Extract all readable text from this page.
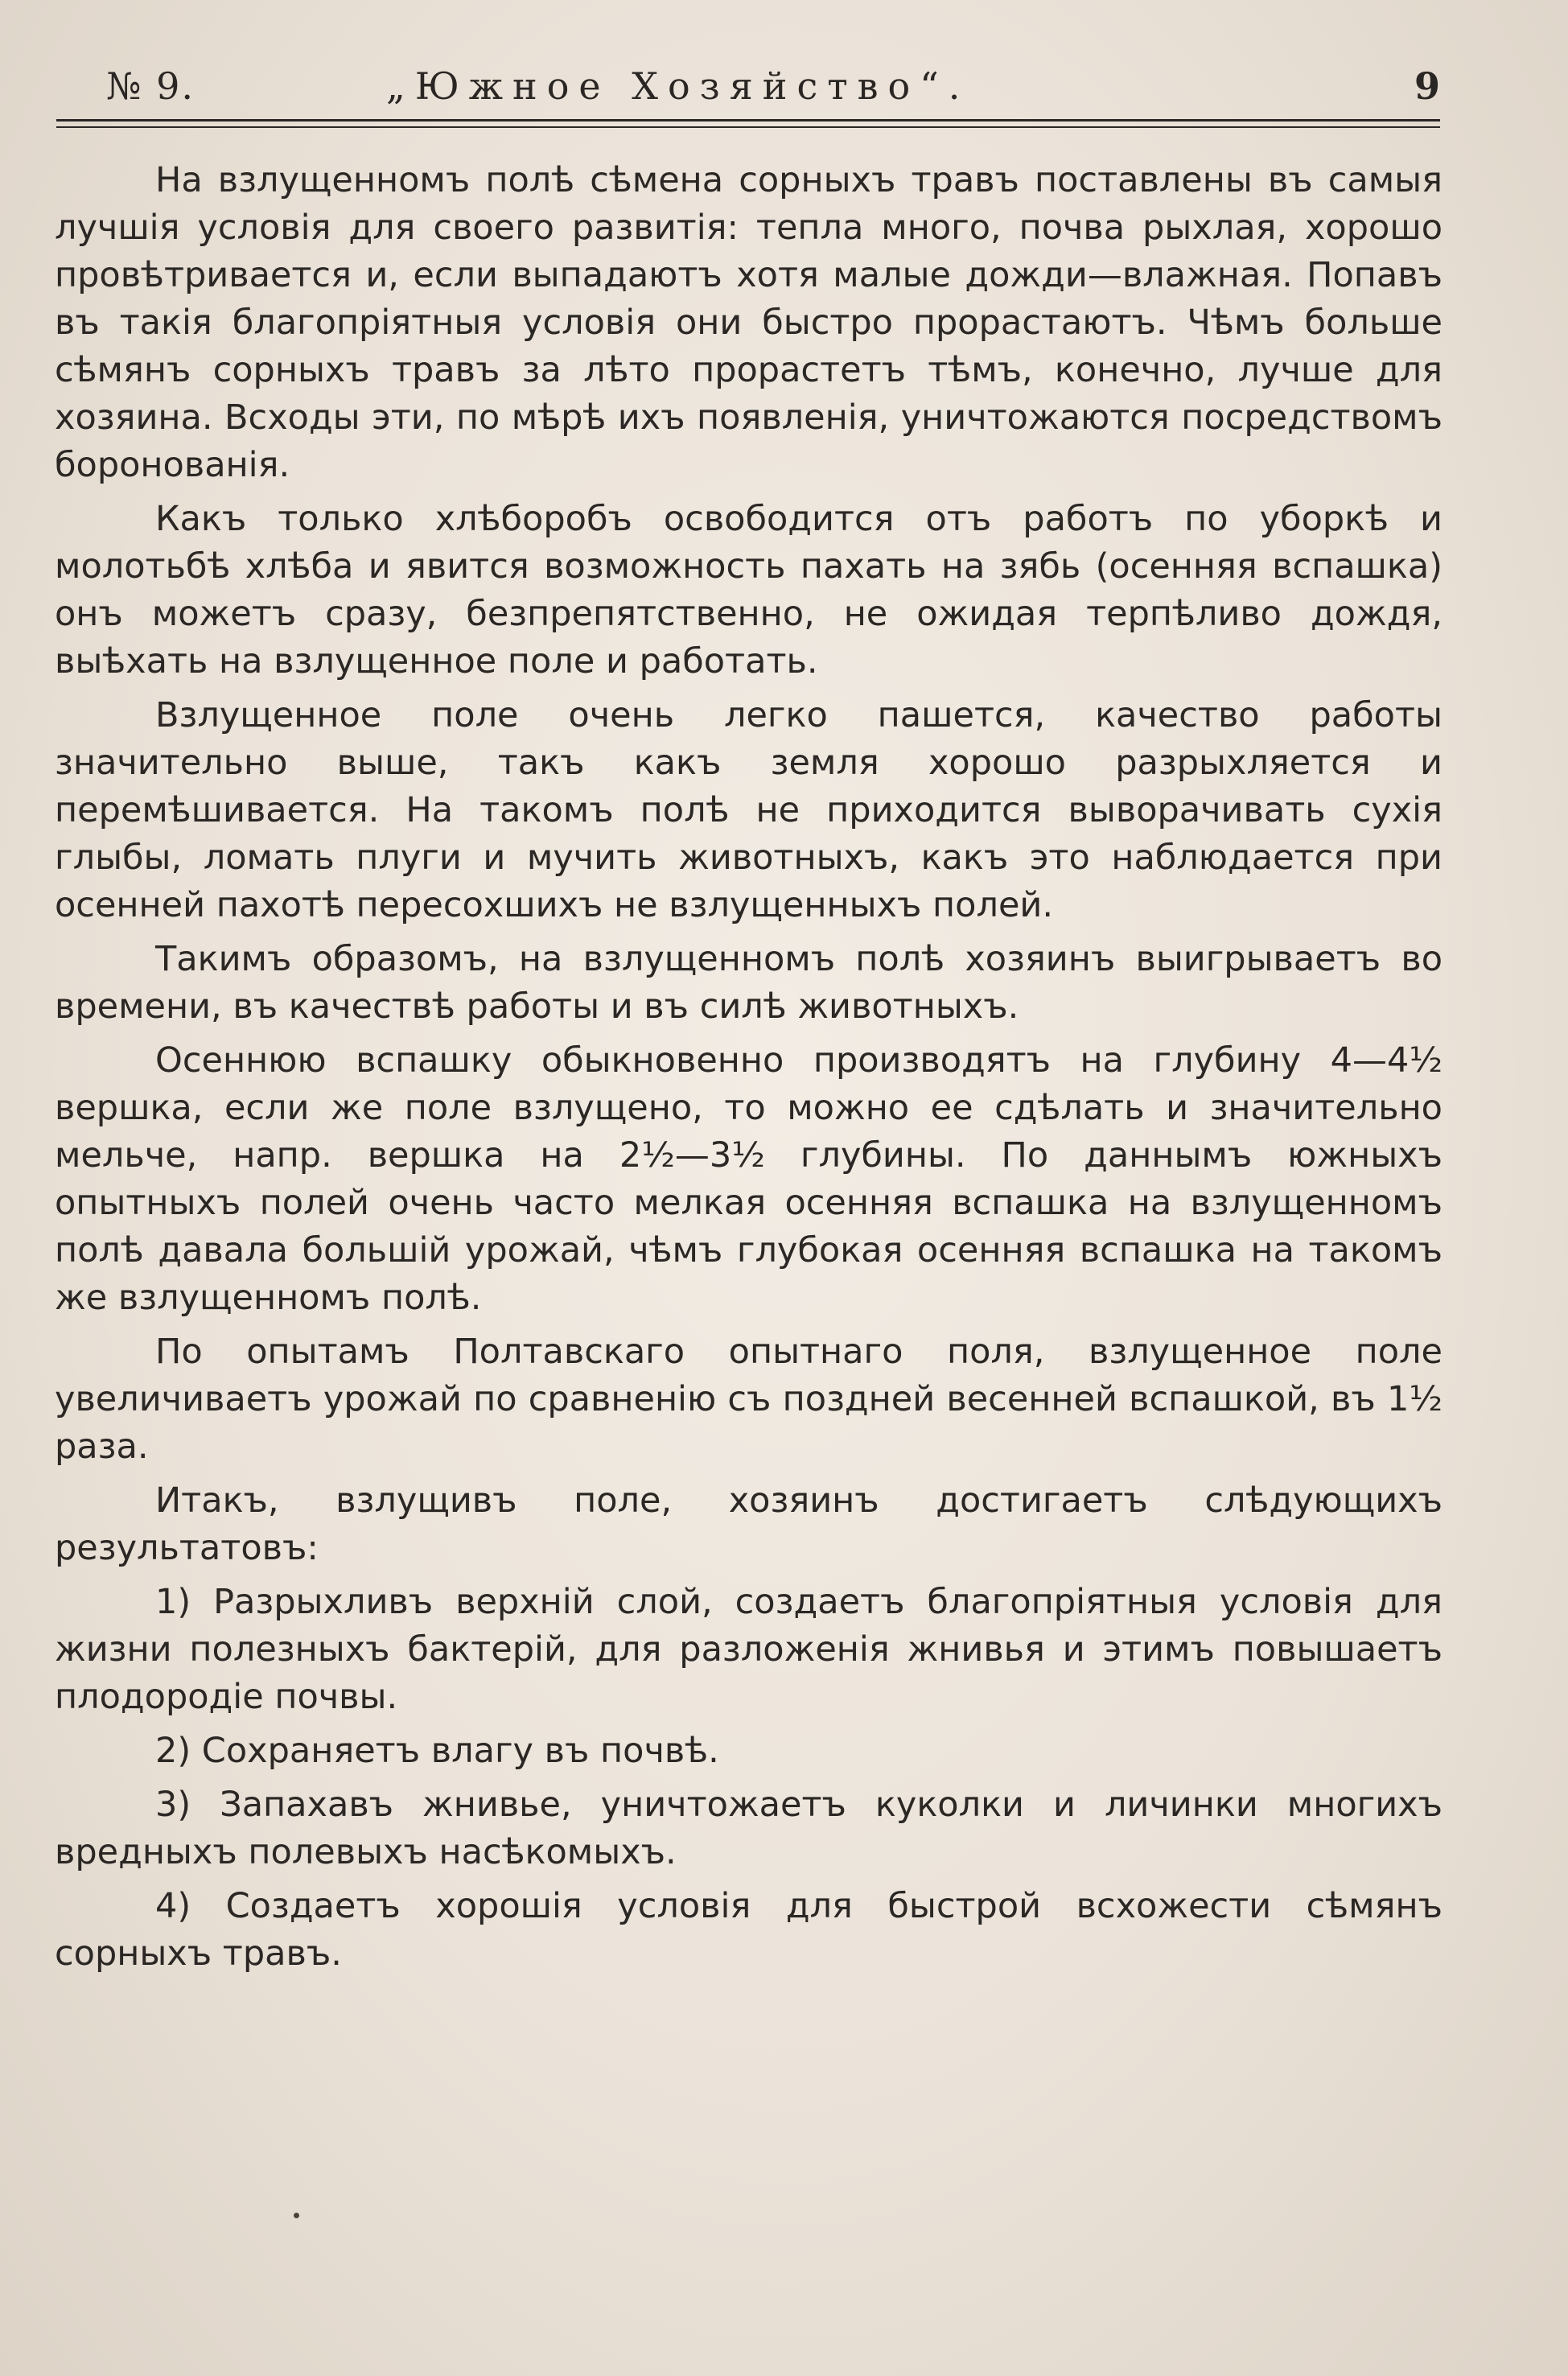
№ 9.	„Южное Хозяйство“.	9

На взлущенномъ полѣ сѣмена сорныхъ травъ поставлены въ самыя лучшія условія для своего развитія: тепла много, почва рыхлая, хорошо провѣтривается и, если выпадаютъ хотя малые дожди—влажная. Попавъ въ такія благопріятныя условія они быстро прорастаютъ. Чѣмъ больше сѣмянъ сорныхъ травъ за лѣто прорастетъ тѣмъ, конечно, лучше для хозяина. Всходы эти, по мѣрѣ ихъ появленія, уничтожаются посредствомъ боронованія.

Какъ только хлѣборобъ освободится отъ работъ по уборкѣ и молотьбѣ хлѣба и явится возможность пахать на зябь (осенняя вспашка) онъ можетъ сразу, безпрепятственно, не ожидая терпѣливо дождя, выѣхать на взлущенное поле и работать.

Взлущенное поле очень легко пашется, качество работы значительно выше, такъ какъ земля хорошо разрыхляется и перемѣшивается. На такомъ полѣ не приходится выворачивать сухія глыбы, ломать плуги и мучить животныхъ, какъ это наблюдается при осенней пахотѣ пересохшихъ не взлущенныхъ полей.

Такимъ образомъ, на взлущенномъ полѣ хозяинъ выигрываетъ во времени, въ качествѣ работы и въ силѣ животныхъ.

Осеннюю вспашку обыкновенно производятъ на глубину 4—4½ вершка, если же поле взлущено, то можно ее сдѣлать и значительно мельче, напр. вершка на 2½—3½ глубины. По даннымъ южныхъ опытныхъ полей очень часто мелкая осенняя вспашка на взлущенномъ полѣ давала большій урожай, чѣмъ глубокая осенняя вспашка на такомъ же взлущенномъ полѣ.

По опытамъ Полтавскаго опытнаго поля, взлущенное поле увеличиваетъ урожай по сравненію съ поздней весенней вспашкой, въ 1½ раза.

Итакъ, взлущивъ поле, хозяинъ достигаетъ слѣдующихъ результатовъ:

1) Разрыхливъ верхній слой, создаетъ благопріятныя условія для жизни полезныхъ бактерій, для разложенія жнивья и этимъ повышаетъ плодородіе почвы.

2) Сохраняетъ влагу въ почвѣ.

3) Запахавъ жнивье, уничтожаетъ куколки и личинки многихъ вредныхъ полевыхъ насѣкомыхъ.

4) Создаетъ хорошія условія для быстрой всхожести сѣмянъ сорныхъ травъ.
